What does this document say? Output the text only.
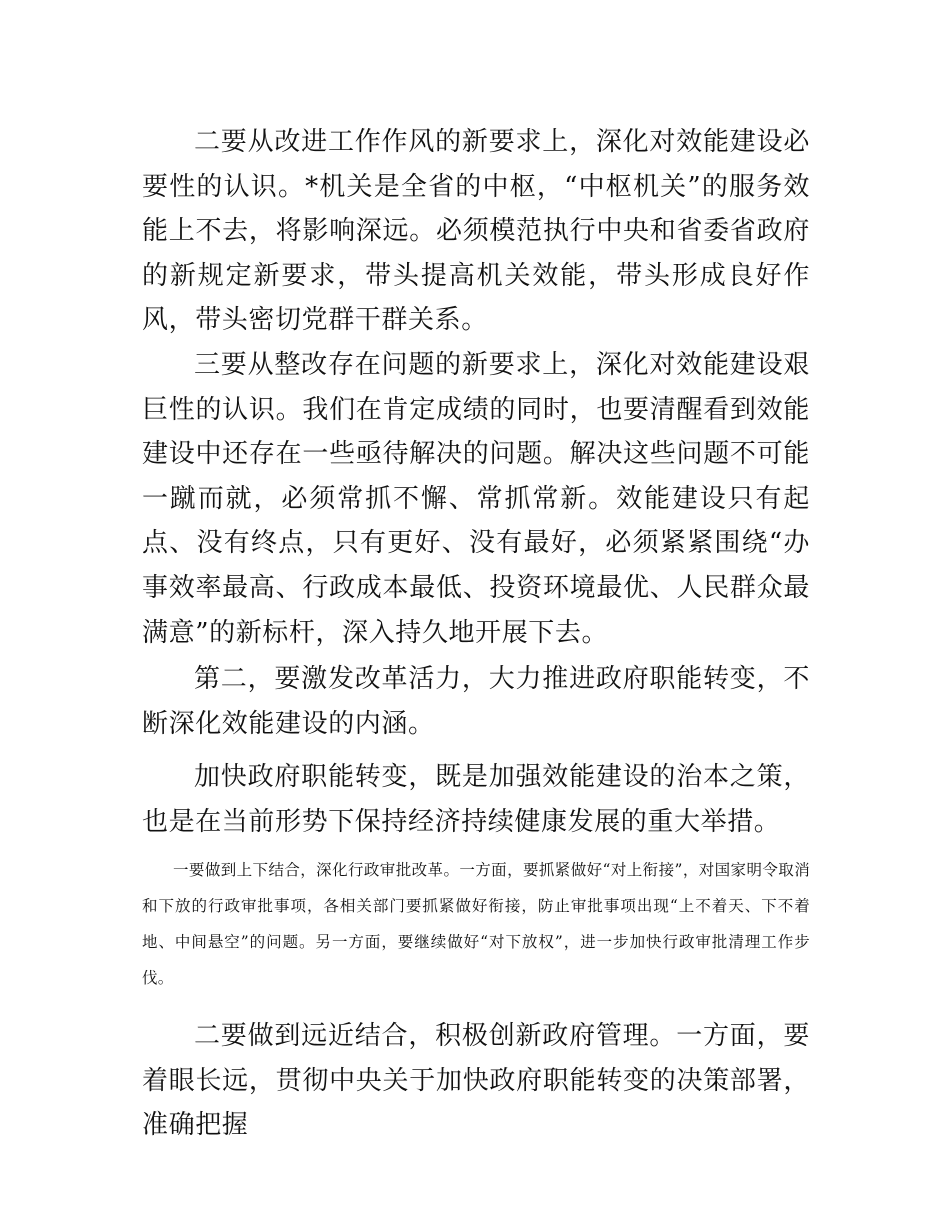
二要从改进工作作风的新要求上，深化对效能建设必要性的认识。*机关是全省的中枢，“中枢机关”的服务效能上不去，将影响深远。必须模范执行中央和省委省政府的新规定新要求，带头提高机关效能，带头形成良好作风，带头密切党群干群关系。

三要从整改存在问题的新要求上，深化对效能建设艰巨性的认识。我们在肯定成绩的同时，也要清醒看到效能建设中还存在一些亟待解决的问题。解决这些问题不可能一蹴而就，必须常抓不懈、常抓常新。效能建设只有起点、没有终点，只有更好、没有最好，必须紧紧围绕“办事效率最高、行政成本最低、投资环境最优、人民群众最满意”的新标杆，深入持久地开展下去。

第二，要激发改革活力，大力推进政府职能转变，不断深化效能建设的内涵。

加快政府职能转变，既是加强效能建设的治本之策，也是在当前形势下保持经济持续健康发展的重大举措。

一要做到上下结合，深化行政审批改革。一方面，要抓紧做好“对上衔接”，对国家明令取消和下放的行政审批事项，各相关部门要抓紧做好衔接，防止审批事项出现“上不着天、下不着地、中间悬空”的问题。另一方面，要继续做好“对下放权”，进一步加快行政审批清理工作步伐。

二要做到远近结合，积极创新政府管理。一方面，要着眼长远，贯彻中央关于加快政府职能转变的决策部署，准确把握
